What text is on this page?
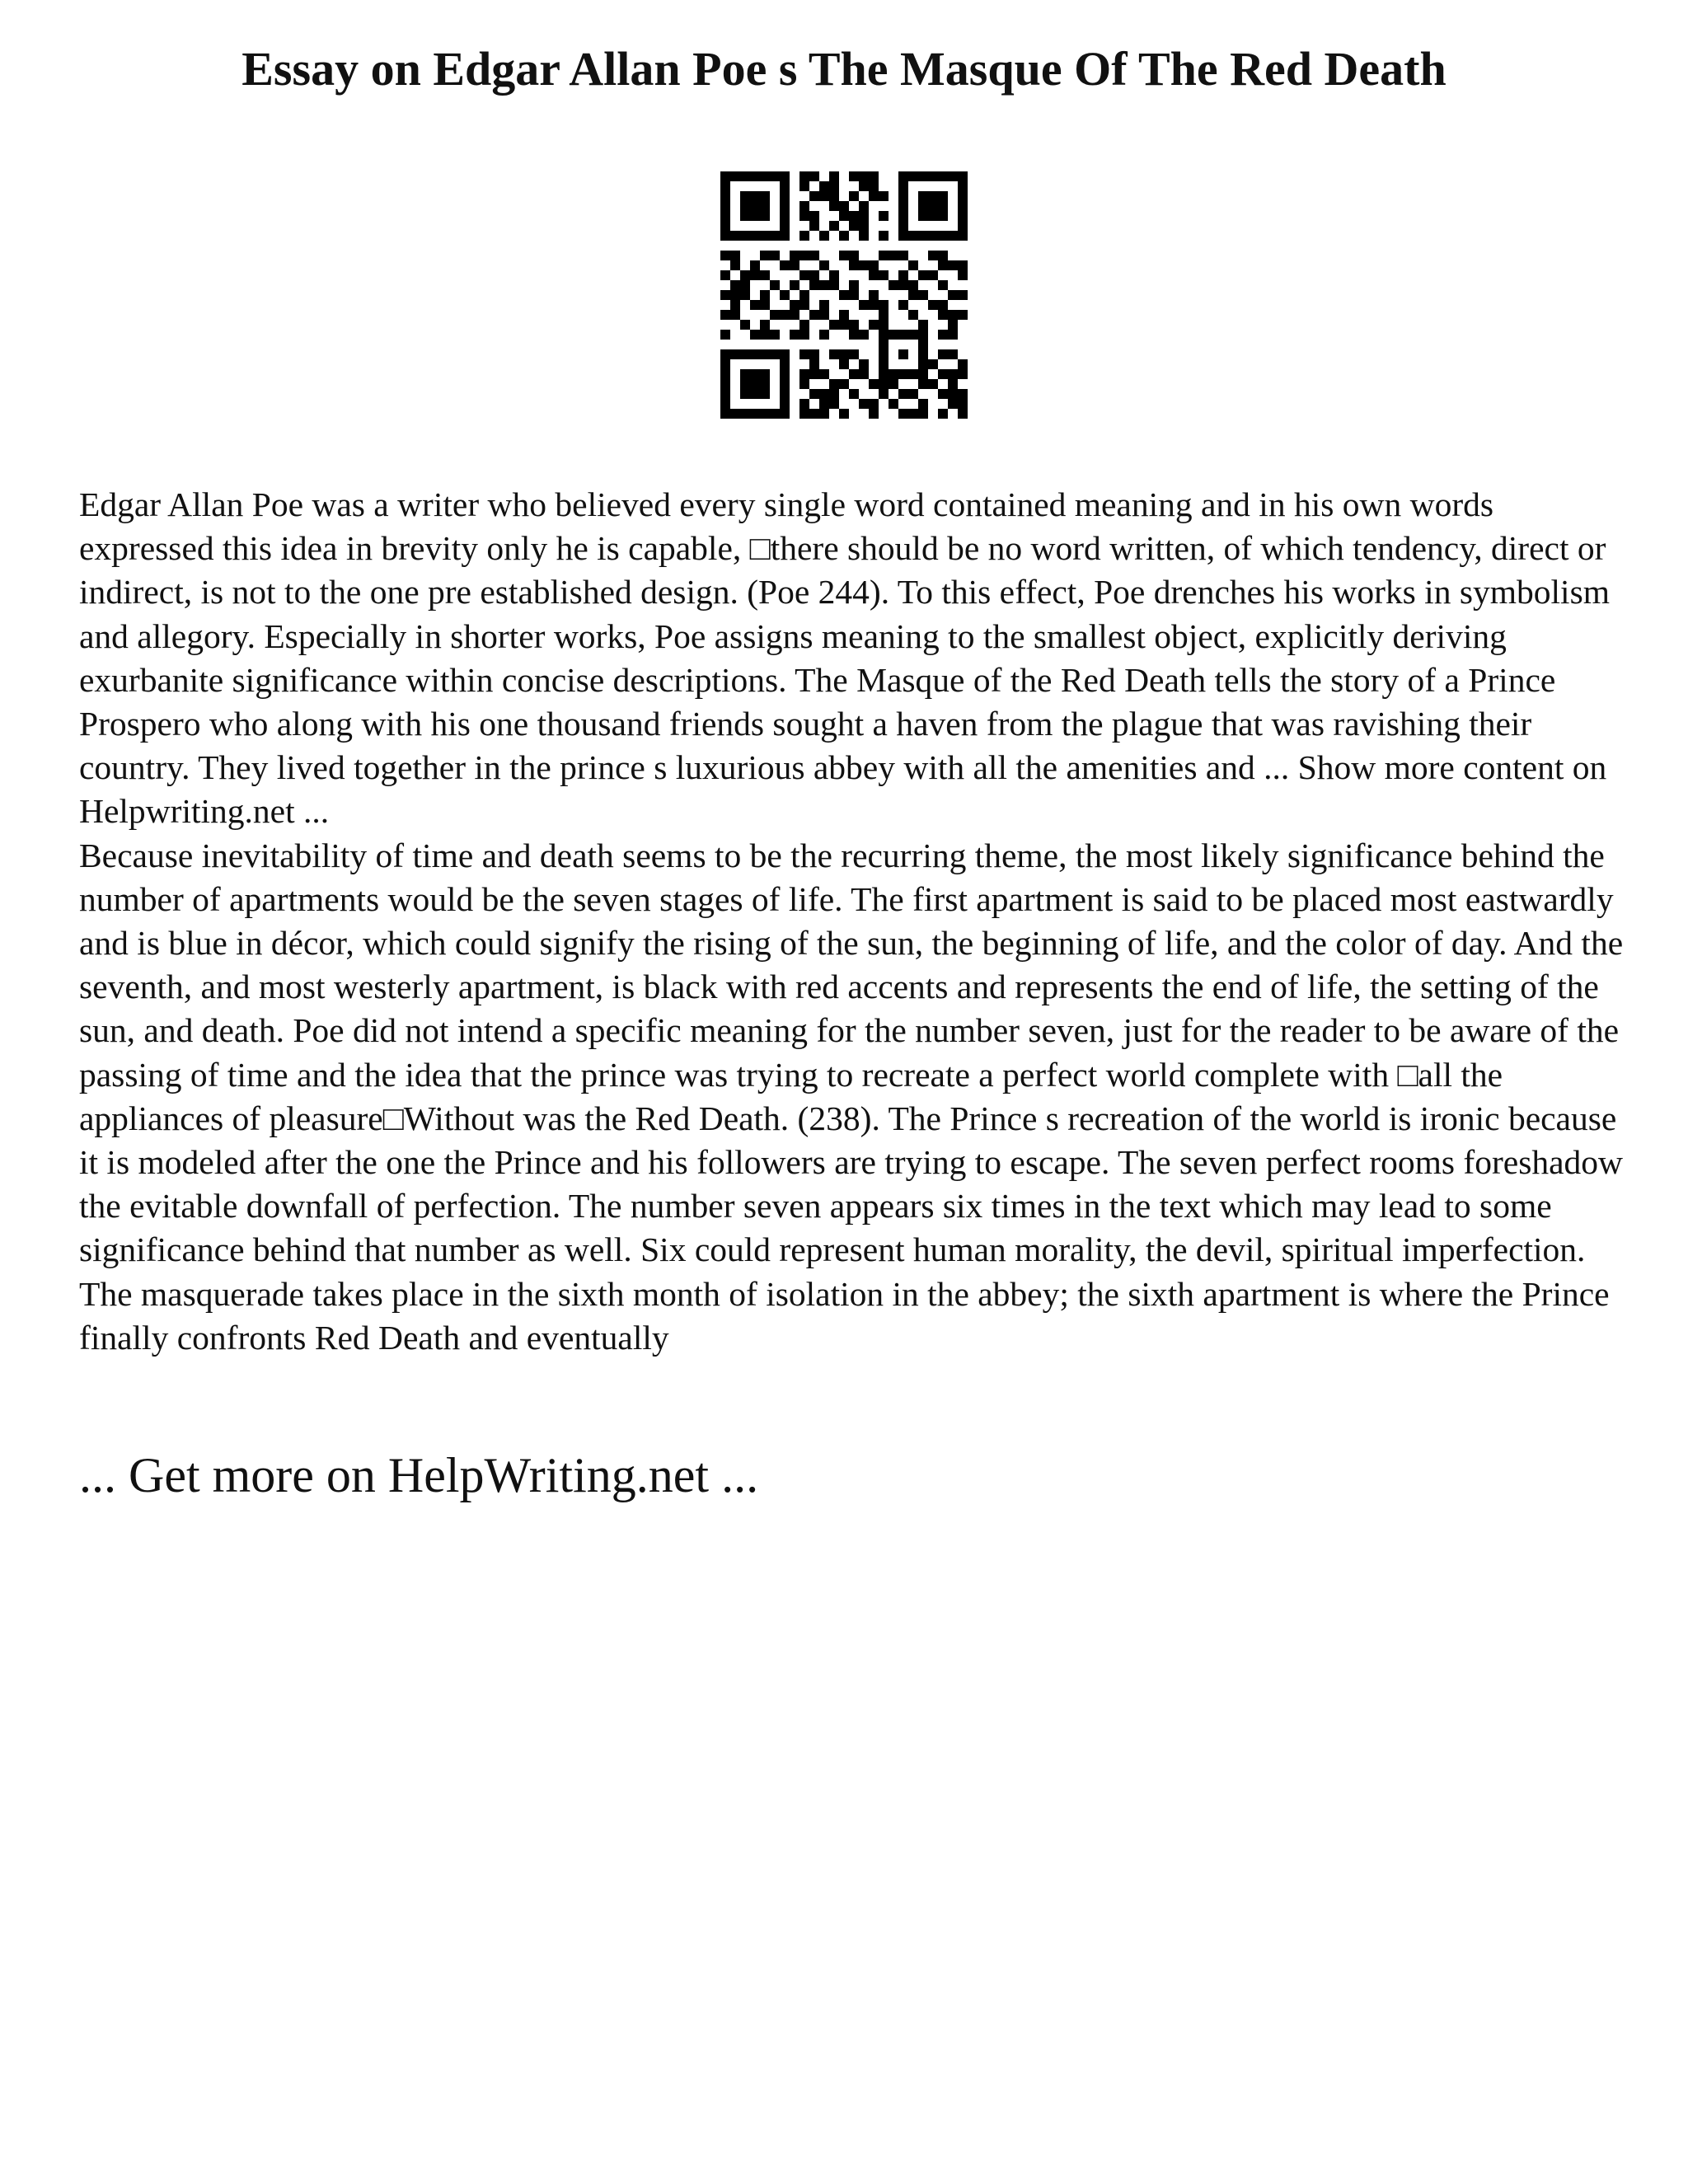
Essay on Edgar Allan Poe s The Masque Of The Red Death

Edgar Allan Poe was a writer who believed every single word contained meaning and in his own words expressed this idea in brevity only he is capable, □there should be no word written, of which tendency, direct or indirect, is not to the one pre established design. (Poe 244). To this effect, Poe drenches his works in symbolism and allegory. Especially in shorter works, Poe assigns meaning to the smallest object, explicitly deriving exurbanite significance within concise descriptions. The Masque of the Red Death tells the story of a Prince Prospero who along with his one thousand friends sought a haven from the plague that was ravishing their country. They lived together in the prince s luxurious abbey with all the amenities and ... Show more content on Helpwriting.net ...

Because inevitability of time and death seems to be the recurring theme, the most likely significance behind the number of apartments would be the seven stages of life. The first apartment is said to be placed most eastwardly and is blue in décor, which could signify the rising of the sun, the beginning of life, and the color of day. And the seventh, and most westerly apartment, is black with red accents and represents the end of life, the setting of the sun, and death. Poe did not intend a specific meaning for the number seven, just for the reader to be aware of the passing of time and the idea that the prince was trying to recreate a perfect world complete with □all the appliances of pleasure□Without was the Red Death. (238). The Prince s recreation of the world is ironic because it is modeled after the one the Prince and his followers are trying to escape. The seven perfect rooms foreshadow the evitable downfall of perfection. The number seven appears six times in the text which may lead to some significance behind that number as well. Six could represent human morality, the devil, spiritual imperfection. The masquerade takes place in the sixth month of isolation in the abbey; the sixth apartment is where the Prince finally confronts Red Death and eventually

... Get more on HelpWriting.net ...
